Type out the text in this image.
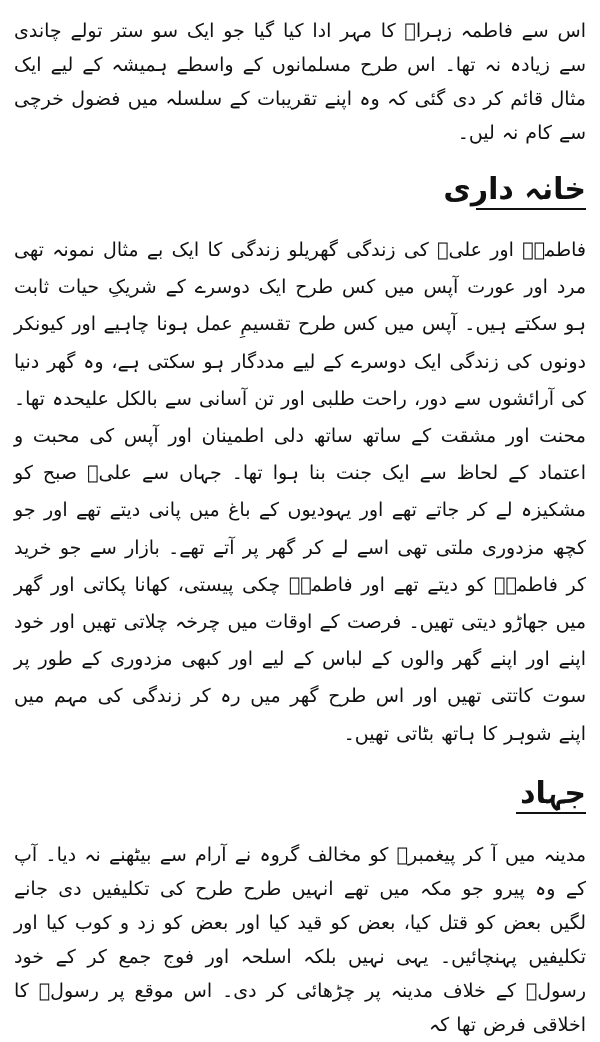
اس سے فاطمہ زہراؑ کا مہر ادا کیا گیا جو ایک سو ستر تولے چاندی سے زیادہ نہ تھا۔ اس طرح مسلمانوں کے واسطے ہمیشہ کے لیے ایک مثال قائم کر دی گئی کہ وہ اپنے تقریبات کے سلسلہ میں فضول خرچی سے کام نہ لیں۔

خانہ داری

فاطمہؑ اور علیؑ کی زندگی گھریلو زندگی کا ایک بے مثال نمونہ تھی مرد اور عورت آپس میں کس طرح ایک دوسرے کے شریکِ حیات ثابت ہو سکتے ہیں۔ آپس میں کس طرح تقسیمِ عمل ہونا چاہیے اور کیونکر دونوں کی زندگی ایک دوسرے کے لیے مددگار ہو سکتی ہے، وہ گھر دنیا کی آرائشوں سے دور، راحت طلبی اور تن آسانی سے بالکل علیحدہ تھا۔ محنت اور مشقت کے ساتھ ساتھ دلی اطمینان اور آپس کی محبت و اعتماد کے لحاظ سے ایک جنت بنا ہوا تھا۔ جہاں سے علیؑ صبح کو مشکیزہ لے کر جاتے تھے اور یہودیوں کے باغ میں پانی دیتے تھے اور جو کچھ مزدوری ملتی تھی اسے لے کر گھر پر آتے تھے۔ بازار سے جو خرید کر فاطمہؑ کو دیتے تھے اور فاطمہؑ چکی پیستی، کھانا پکاتی اور گھر میں جھاڑو دیتی تھیں۔ فرصت کے اوقات میں چرخہ چلاتی تھیں اور خود اپنے اور اپنے گھر والوں کے لباس کے لیے اور کبھی مزدوری کے طور پر سوت کاتتی تھیں اور اس طرح گھر میں رہ کر زندگی کی مہم میں اپنے شوہر کا ہاتھ بٹاتی تھیں۔

جہاد

مدینہ میں آ کر پیغمبرؐ کو مخالف گروہ نے آرام سے بیٹھنے نہ دیا۔ آپ کے وہ پیرو جو مکہ میں تھے انہیں طرح طرح کی تکلیفیں دی جانے لگیں بعض کو قتل کیا، بعض کو قید کیا اور بعض کو زد و کوب کیا اور تکلیفیں پہنچائیں۔ یہی نہیں بلکہ اسلحہ اور فوج جمع کر کے خود رسولؐ کے خلاف مدینہ پر چڑھائی کر دی۔ اس موقع پر رسولؐ کا اخلاقی فرض تھا کہ
